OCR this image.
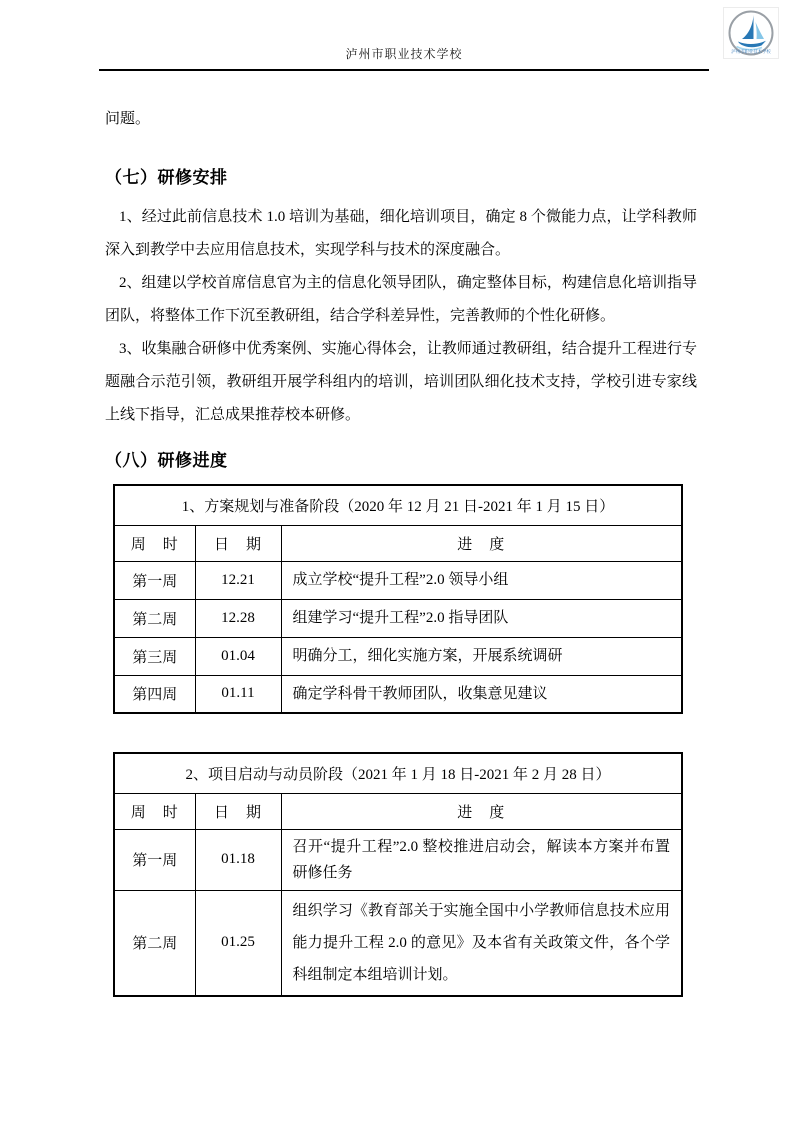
泸州市职业技术学校
泸州市职业技术学校

问题。

（七）研修安排

1、经过此前信息技术 1.0 培训为基础，细化培训项目，确定 8 个微能力点，让学科教师深入到教学中去应用信息技术，实现学科与技术的深度融合。

2、组建以学校首席信息官为主的信息化领导团队，确定整体目标，构建信息化培训指导团队，将整体工作下沉至教研组，结合学科差异性，完善教师的个性化研修。

3、收集融合研修中优秀案例、实施心得体会，让教师通过教研组，结合提升工程进行专题融合示范引领，教研组开展学科组内的培训，培训团队细化技术支持，学校引进专家线上线下指导，汇总成果推荐校本研修。

（八）研修进度
1、方案规划与准备阶段（2020 年 12 月 21 日-2021 年 1 月 15 日）		
周　时	日　期	进　度
第一周	12.21	成立学校“提升工程”2.0 领导小组
第二周	12.28	组建学习“提升工程”2.0 指导团队
第三周	01.04	明确分工，细化实施方案，开展系统调研
第四周	01.11	确定学科骨干教师团队，收集意见建议
2、项目启动与动员阶段（2021 年 1 月 18 日-2021 年 2 月 28 日）		
周　时	日　期	进　度
第一周	01.18	召开“提升工程”2.0 整校推进启动会，解读本方案并布置研修任务
第二周	01.25	组织学习《教育部关于实施全国中小学教师信息技术应用能力提升工程 2.0 的意见》及本省有关政策文件，各个学科组制定本组培训计划。
